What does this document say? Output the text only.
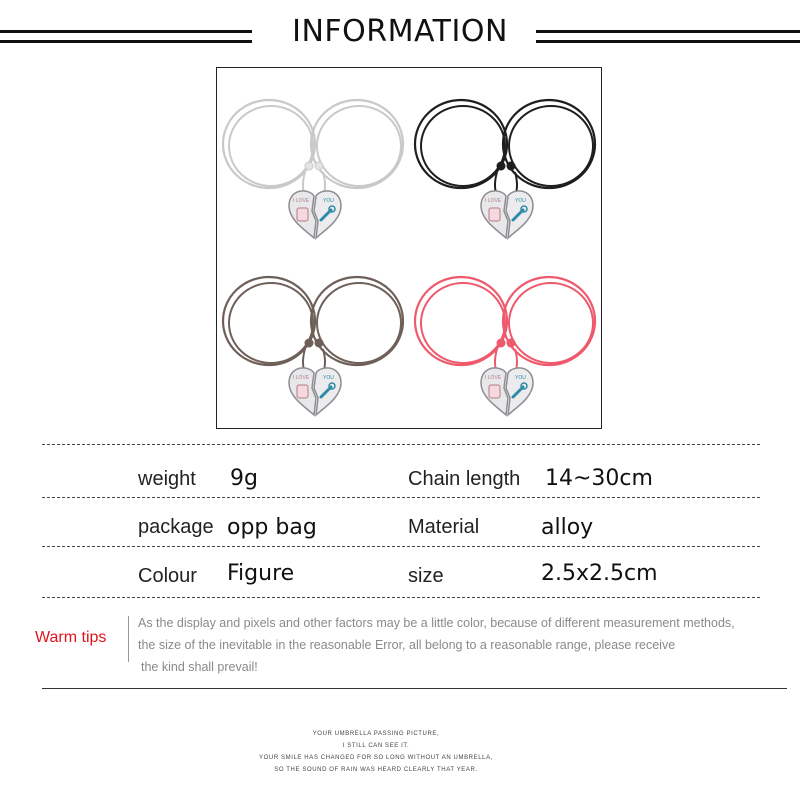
INFORMATION
I LOVE	YOU	I LOVE	YOU
I LOVE	YOU	I LOVE	YOU
weight 9g	Chain length 14~30cm
package opp bag	Material	alloy
Colour Figure	size	2.5x2.5cm
Warm tips
As the display and pixels and other factors may be a little color, because of different measurement methods,
the size of the inevitable in the reasonable Error, all belong to a reasonable range, please receive
the kind shall prevail!
YOUR UMBRELLA PASSING PICTURE,
I STILL CAN SEE IT.
YOUR SMILE HAS CHANGED FOR SO LONG WITHOUT AN UMBRELLA,
SO THE SOUND OF RAIN WAS HEARD CLEARLY THAT YEAR.
